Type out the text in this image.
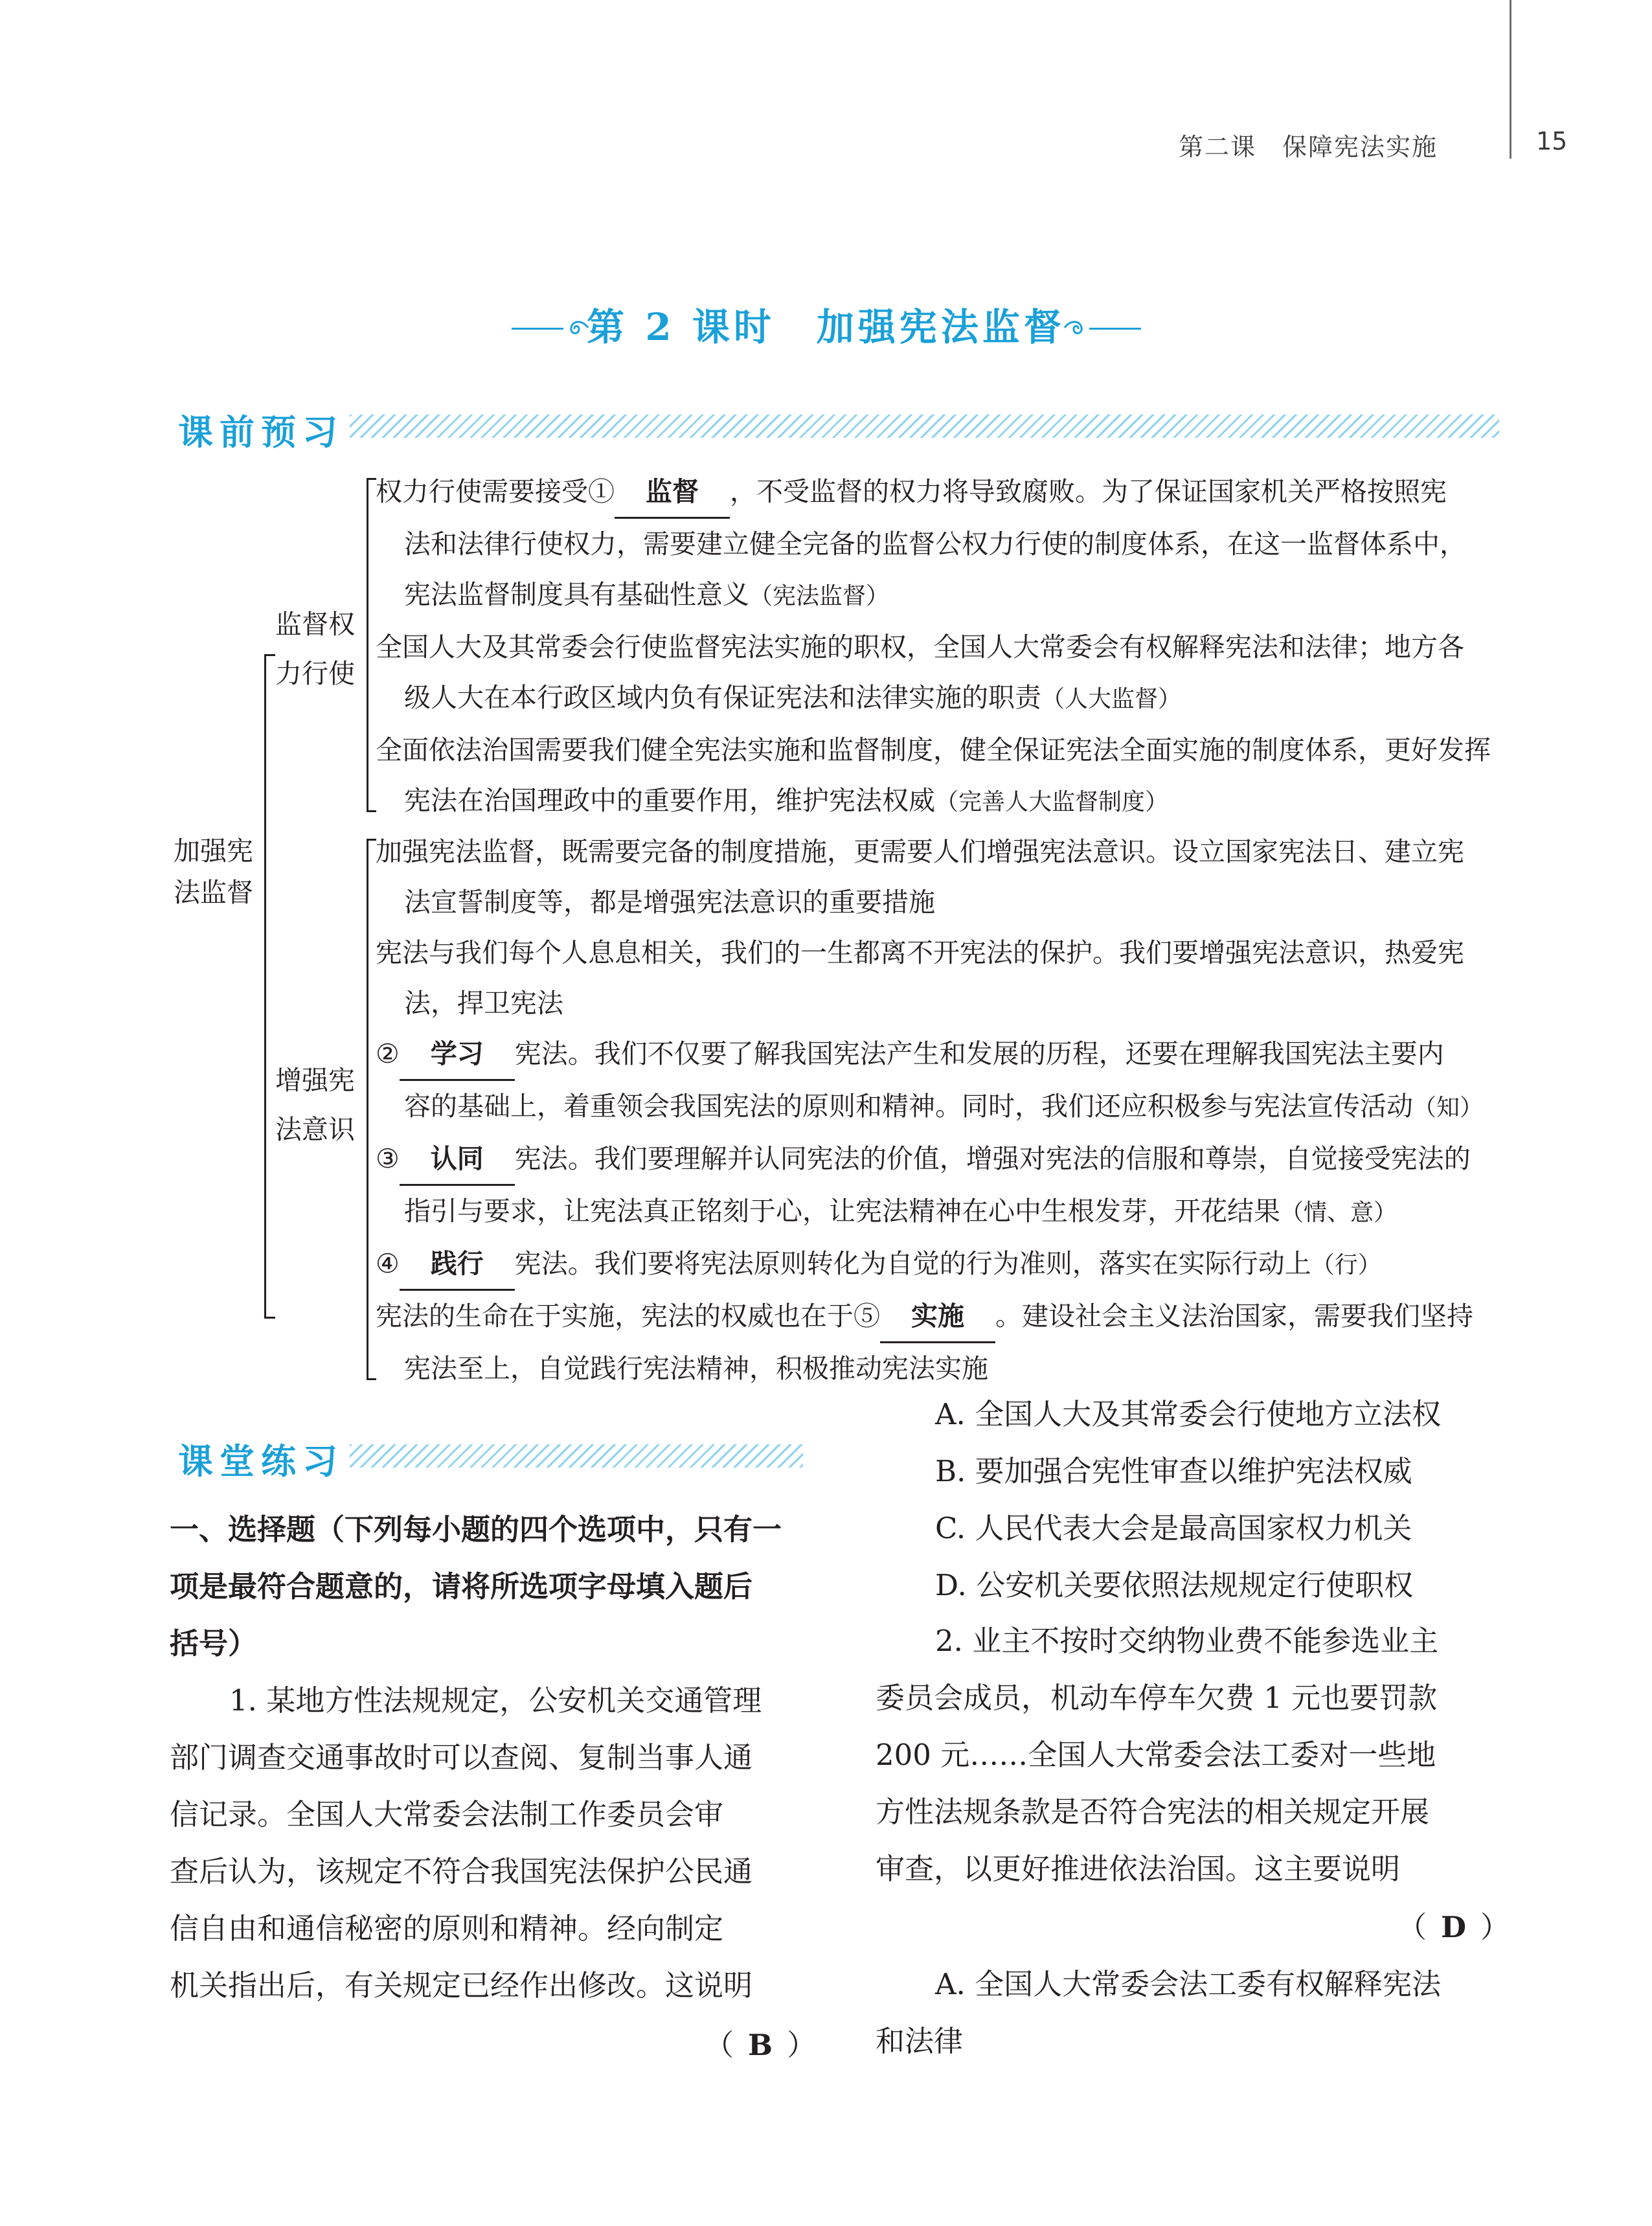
第二课　保障宪法实施	15
第 2 课时　加强宪法监督
课前预习
加强宪
法监督
监督权
力行使
权力行使需要接受① 监督 ，不受监督的权力将导致腐败。为了保证国家机关严格按照宪
法和法律行使权力，需要建立健全完备的监督公权力行使的制度体系，在这一监督体系中，
宪法监督制度具有基础性意义（宪法监督）
全国人大及其常委会行使监督宪法实施的职权，全国人大常委会有权解释宪法和法律；地方各
级人大在本行政区域内负有保证宪法和法律实施的职责（人大监督）
全面依法治国需要我们健全宪法实施和监督制度，健全保证宪法全面实施的制度体系，更好发挥
宪法在治国理政中的重要作用，维护宪法权威（完善人大监督制度）
增强宪
法意识
加强宪法监督，既需要完备的制度措施，更需要人们增强宪法意识。设立国家宪法日、建立宪
法宣誓制度等，都是增强宪法意识的重要措施
宪法与我们每个人息息相关，我们的一生都离不开宪法的保护。我们要增强宪法意识，热爱宪
法，捍卫宪法
② 学习 宪法。我们不仅要了解我国宪法产生和发展的历程，还要在理解我国宪法主要内
容的基础上，着重领会我国宪法的原则和精神。同时，我们还应积极参与宪法宣传活动（知）
③ 认同 宪法。我们要理解并认同宪法的价值，增强对宪法的信服和尊崇，自觉接受宪法的
指引与要求，让宪法真正铭刻于心，让宪法精神在心中生根发芽，开花结果（情、意）
④ 践行 宪法。我们要将宪法原则转化为自觉的行为准则，落实在实际行动上（行）
宪法的生命在于实施，宪法的权威也在于⑤ 实施 。建设社会主义法治国家，需要我们坚持
宪法至上，自觉践行宪法精神，积极推动宪法实施
课堂练习
一、选择题（下列每小题的四个选项中，只有一
项是最符合题意的，请将所选项字母填入题后
括号）
1. 某地方性法规规定，公安机关交通管理
部门调查交通事故时可以查阅、复制当事人通
信记录。全国人大常委会法制工作委员会审
查后认为，该规定不符合我国宪法保护公民通
信自由和通信秘密的原则和精神。经向制定
机关指出后，有关规定已经作出修改。这说明
（ B ）
A. 全国人大及其常委会行使地方立法权
B. 要加强合宪性审查以维护宪法权威
C. 人民代表大会是最高国家权力机关
D. 公安机关要依照法规规定行使职权
2. 业主不按时交纳物业费不能参选业主
委员会成员，机动车停车欠费 1 元也要罚款
200 元……全国人大常委会法工委对一些地
方性法规条款是否符合宪法的相关规定开展
审查，以更好推进依法治国。这主要说明
（ D ）
A. 全国人大常委会法工委有权解释宪法
和法律
